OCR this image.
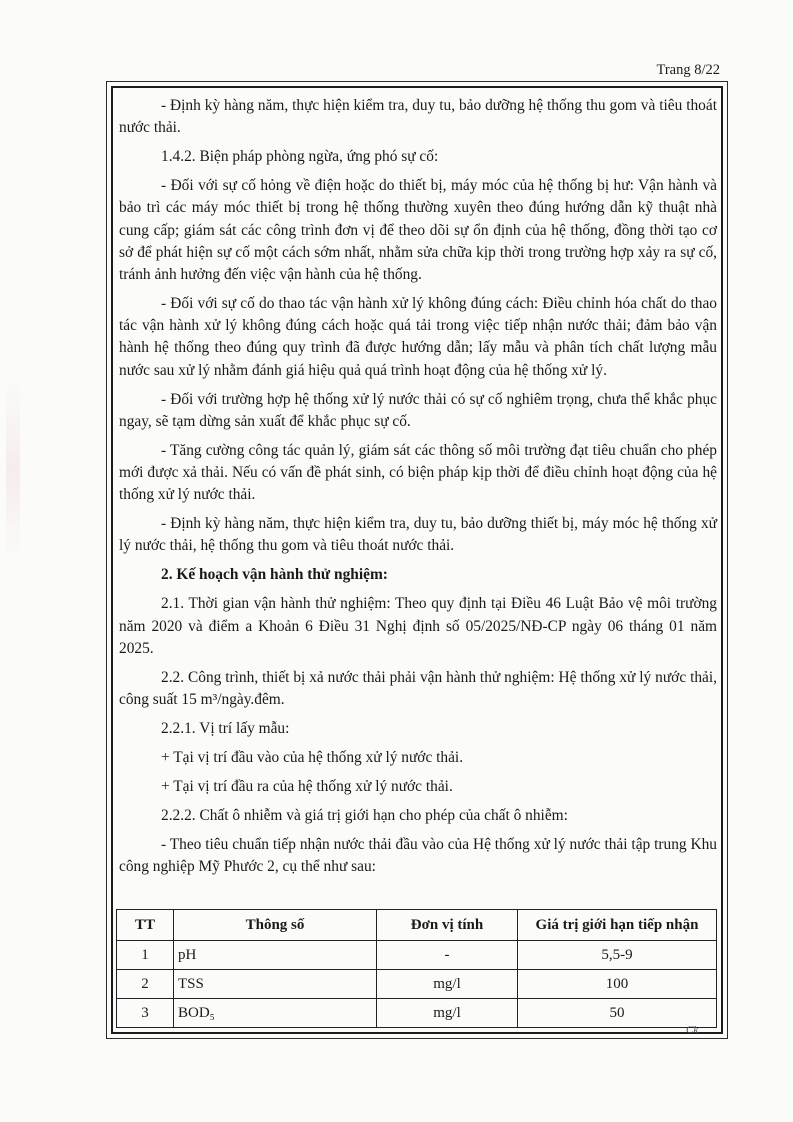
Trang 8/22

- Định kỳ hàng năm, thực hiện kiểm tra, duy tu, bảo dưỡng hệ thống thu gom và tiêu thoát nước thải.

1.4.2. Biện pháp phòng ngừa, ứng phó sự cố:

- Đối với sự cố hỏng về điện hoặc do thiết bị, máy móc của hệ thống bị hư: Vận hành và bảo trì các máy móc thiết bị trong hệ thống thường xuyên theo đúng hướng dẫn kỹ thuật nhà cung cấp; giám sát các công trình đơn vị để theo dõi sự ổn định của hệ thống, đồng thời tạo cơ sở để phát hiện sự cố một cách sớm nhất, nhằm sửa chữa kịp thời trong trường hợp xảy ra sự cố, tránh ảnh hưởng đến việc vận hành của hệ thống.

- Đối với sự cố do thao tác vận hành xử lý không đúng cách: Điều chỉnh hóa chất do thao tác vận hành xử lý không đúng cách hoặc quá tải trong việc tiếp nhận nước thải; đảm bảo vận hành hệ thống theo đúng quy trình đã được hướng dẫn; lấy mẫu và phân tích chất lượng mẫu nước sau xử lý nhằm đánh giá hiệu quả quá trình hoạt động của hệ thống xử lý.

- Đối với trường hợp hệ thống xử lý nước thải có sự cố nghiêm trọng, chưa thể khắc phục ngay, sẽ tạm dừng sản xuất để khắc phục sự cố.

- Tăng cường công tác quản lý, giám sát các thông số môi trường đạt tiêu chuẩn cho phép mới được xả thải. Nếu có vấn đề phát sinh, có biện pháp kịp thời để điều chỉnh hoạt động của hệ thống xử lý nước thải.

- Định kỳ hàng năm, thực hiện kiểm tra, duy tu, bảo dưỡng thiết bị, máy móc hệ thống xử lý nước thải, hệ thống thu gom và tiêu thoát nước thải.

2. Kế hoạch vận hành thử nghiệm:

2.1. Thời gian vận hành thử nghiệm: Theo quy định tại Điều 46 Luật Bảo vệ môi trường năm 2020 và điểm a Khoản 6 Điều 31 Nghị định số 05/2025/NĐ-CP ngày 06 tháng 01 năm 2025.

2.2. Công trình, thiết bị xả nước thải phải vận hành thử nghiệm: Hệ thống xử lý nước thải, công suất 15 m³/ngày.đêm.

2.2.1. Vị trí lấy mẫu:

+ Tại vị trí đầu vào của hệ thống xử lý nước thải.

+ Tại vị trí đầu ra của hệ thống xử lý nước thải.

2.2.2. Chất ô nhiễm và giá trị giới hạn cho phép của chất ô nhiễm:

- Theo tiêu chuẩn tiếp nhận nước thải đầu vào của Hệ thống xử lý nước thải tập trung Khu công nghiệp Mỹ Phước 2, cụ thể như sau:

TT	Thông số	Đơn vị tính	Giá trị giới hạn tiếp nhận
1	pH	-	5,5-9
2	TSS	mg/l	100
3	BOD₅	mg/l	50
Ck
